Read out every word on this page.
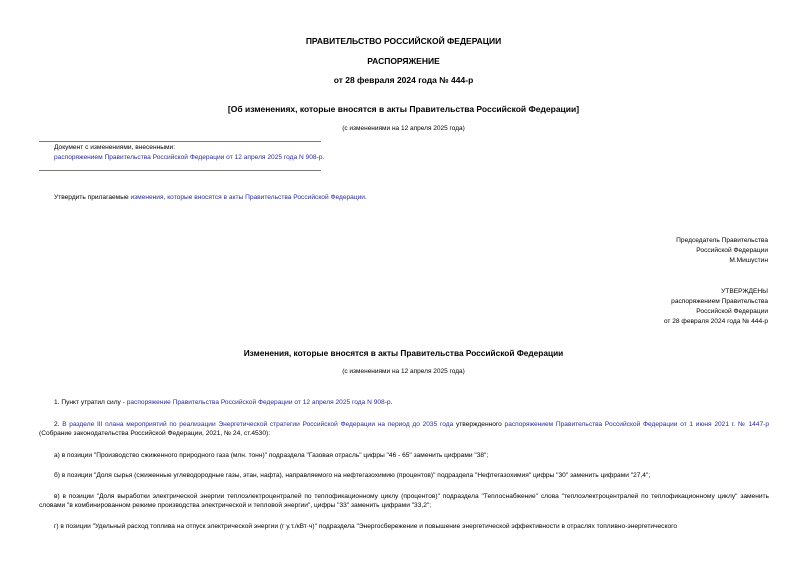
ПРАВИТЕЛЬСТВО РОССИЙСКОЙ ФЕДЕРАЦИИ
РАСПОРЯЖЕНИЕ
от 28 февраля 2024 года № 444-р
[Об изменениях, которые вносятся в акты Правительства Российской Федерации]
(с изменениями на 12 апреля 2025 года)
Документ с изменениями, внесенными:
распоряжением Правительства Российской Федерации от 12 апреля 2025 года N 908-р.
Утвердить прилагаемые изменения, которые вносятся в акты Правительства Российской Федерации.
Председатель Правительства
Российской Федерации
М.Мишустин
УТВЕРЖДЕНЫ
распоряжением Правительства
Российской Федерации
от 28 февраля 2024 года № 444-р
Изменения, которые вносятся в акты Правительства Российской Федерации
(с изменениями на 12 апреля 2025 года)
1. Пункт утратил силу - распоряжение Правительства Российской Федерации от 12 апреля 2025 года N 908-р.
2. В разделе III плана мероприятий по реализации Энергетической стратегии Российской Федерации на период до 2035 года утвержденного распоряжением Правительства Российской Федерации от 1 июня 2021 г. № 1447-р (Собрание законодательства Российской Федерации, 2021, № 24, ст.4530):
а) в позиции "Производство сжиженного природного газа (млн. тонн)" подраздела "Газовая отрасль" цифры "46 - 65" заменить цифрами "38";
б) в позиции "Доля сырья (сжиженные углеводородные газы, этан, нафта), направляемого на нефтегазохимию (процентов)" подраздела "Нефтегазохимия" цифры "30" заменить цифрами "27,4";
в) в позиции "Доля выработки электрической энергии теплоэлектроцентралей по теплофикационному циклу (процентов)" подраздела "Теплоснабжение" слова "теплоэлектроцентралей по теплофикационному циклу" заменить словами "в комбинированном режиме производства электрической и тепловой энергии", цифры "33" заменить цифрами "33,2";
г) в позиции "Удельный расход топлива на отпуск электрической энергии (г у.т./кВт·ч)" подраздела "Энергосбережение и повышение энергетической эффективности в отраслях топливно-энергетического
